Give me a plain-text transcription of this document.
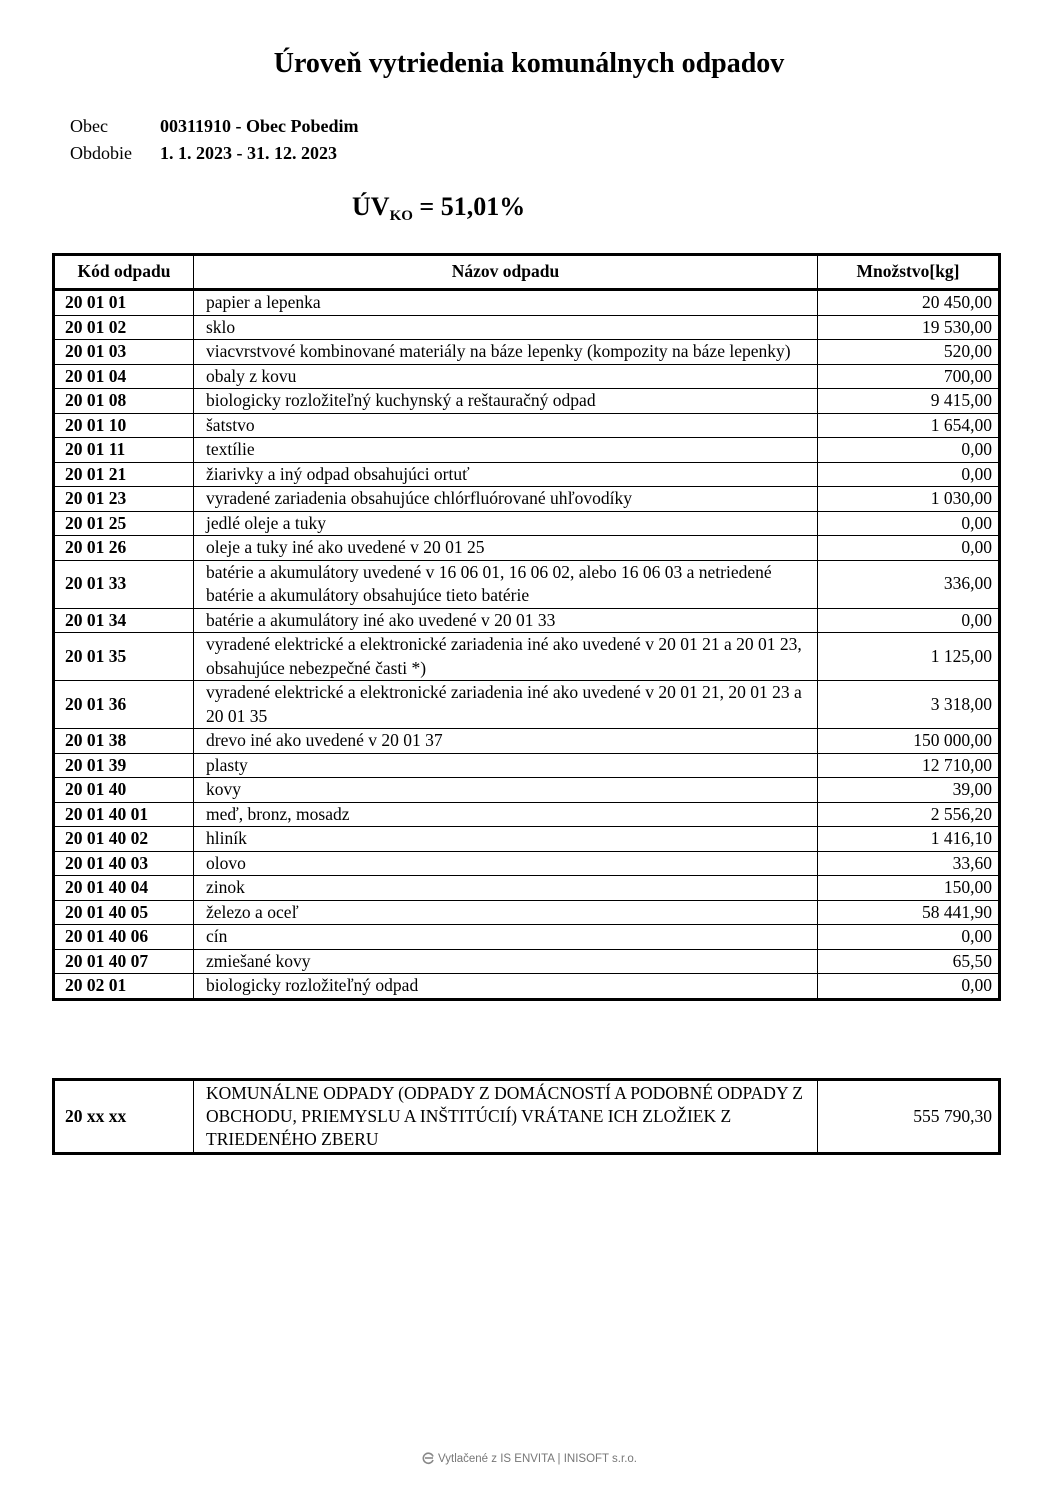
Úroveň vytriedenia komunálnych odpadov
Obec	00311910 - Obec Pobedim
Obdobie	1. 1. 2023 - 31. 12. 2023
$ÚV_{KO} = 51,01\%$
Kód odpadu	Názov odpadu	Množstvo[kg]
20 01 01	papier a lepenka	20 450,00
20 01 02	sklo	19 530,00
20 01 03	viacvrstvové kombinované materiály na báze lepenky (kompozity na báze lepenky)	520,00
20 01 04	obaly z kovu	700,00
20 01 08	biologicky rozložiteľný kuchynský a reštauračný odpad	9 415,00
20 01 10	šatstvo	1 654,00
20 01 11	textílie	0,00
20 01 21	žiarivky a iný odpad obsahujúci ortuť	0,00
20 01 23	vyradené zariadenia obsahujúce chlórfluórované uhľovodíky	1 030,00
20 01 25	jedlé oleje a tuky	0,00
20 01 26	oleje a tuky iné ako uvedené v 20 01 25	0,00
20 01 33	batérie a akumulátory uvedené v 16 06 01, 16 06 02, alebo 16 06 03 a netriedené batérie a akumulátory obsahujúce tieto batérie	336,00
20 01 34	batérie a akumulátory iné ako uvedené v 20 01 33	0,00
20 01 35	vyradené elektrické a elektronické zariadenia iné ako uvedené v 20 01 21 a 20 01 23, obsahujúce nebezpečné časti *)	1 125,00
20 01 36	vyradené elektrické a elektronické zariadenia iné ako uvedené v 20 01 21, 20 01 23 a 20 01 35	3 318,00
20 01 38	drevo iné ako uvedené v 20 01 37	150 000,00
20 01 39	plasty	12 710,00
20 01 40	kovy	39,00
20 01 40 01	meď, bronz, mosadz	2 556,20
20 01 40 02	hliník	1 416,10
20 01 40 03	olovo	33,60
20 01 40 04	zinok	150,00
20 01 40 05	železo a oceľ	58 441,90
20 01 40 06	cín	0,00
20 01 40 07	zmiešané kovy	65,50
20 02 01	biologicky rozložiteľný odpad	0,00
20 xx xx	KOMUNÁLNE ODPADY (ODPADY Z DOMÁCNOSTÍ A PODOBNÉ ODPADY Z OBCHODU, PRIEMYSLU A INŠTITÚCIÍ) VRÁTANE ICH ZLOŽIEK Z TRIEDENÉHO ZBERU	555 790,30
Vytlačené z IS ENVITA | INISOFT s.r.o.
